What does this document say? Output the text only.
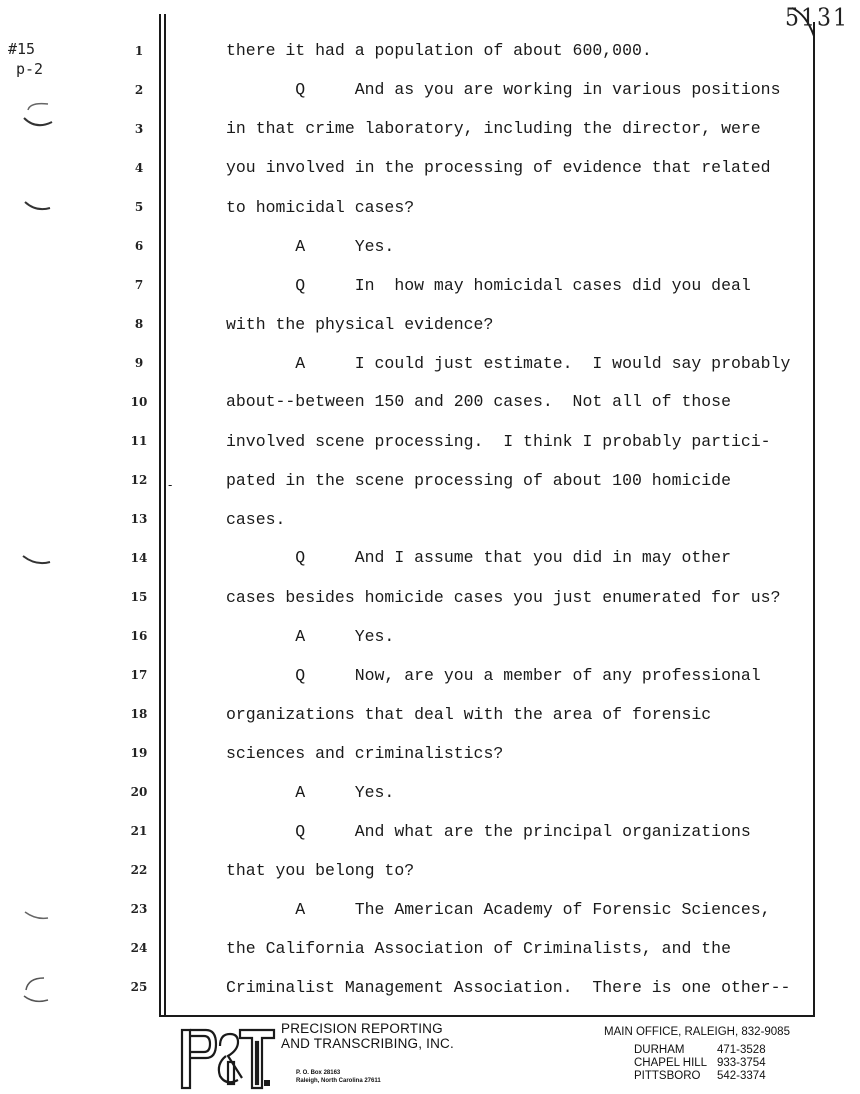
5131
#15
p-2
-
1	there it had a population of about 600,000.
2	Q     And as you are working in various positions
3	in that crime laboratory, including the director, were
4	you involved in the processing of evidence that related
5	to homicidal cases?
6	A     Yes.
7	Q     In  how may homicidal cases did you deal
8	with the physical evidence?
9	A     I could just estimate.  I would say probably
10	about--between 150 and 200 cases.  Not all of those
11	involved scene processing.  I think I probably partici-
12	pated in the scene processing of about 100 homicide
13	cases.
14	Q     And I assume that you did in may other
15	cases besides homicide cases you just enumerated for us?
16	A     Yes.
17	Q     Now, are you a member of any professional
18	organizations that deal with the area of forensic
19	sciences and criminalistics?
20	A     Yes.
21	Q     And what are the principal organizations
22	that you belong to?
23	A     The American Academy of Forensic Sciences,
24	the California Association of Criminalists, and the
25	Criminalist Management Association.  There is one other--
PRECISION REPORTING
AND TRANSCRIBING, INC.
P. O. Box 28163
Raleigh, North Carolina 27611
MAIN OFFICE, RALEIGH, 832-9085
DURHAM	471-3528
CHAPEL HILL 933-3754
PITTSBORO 542-3374
